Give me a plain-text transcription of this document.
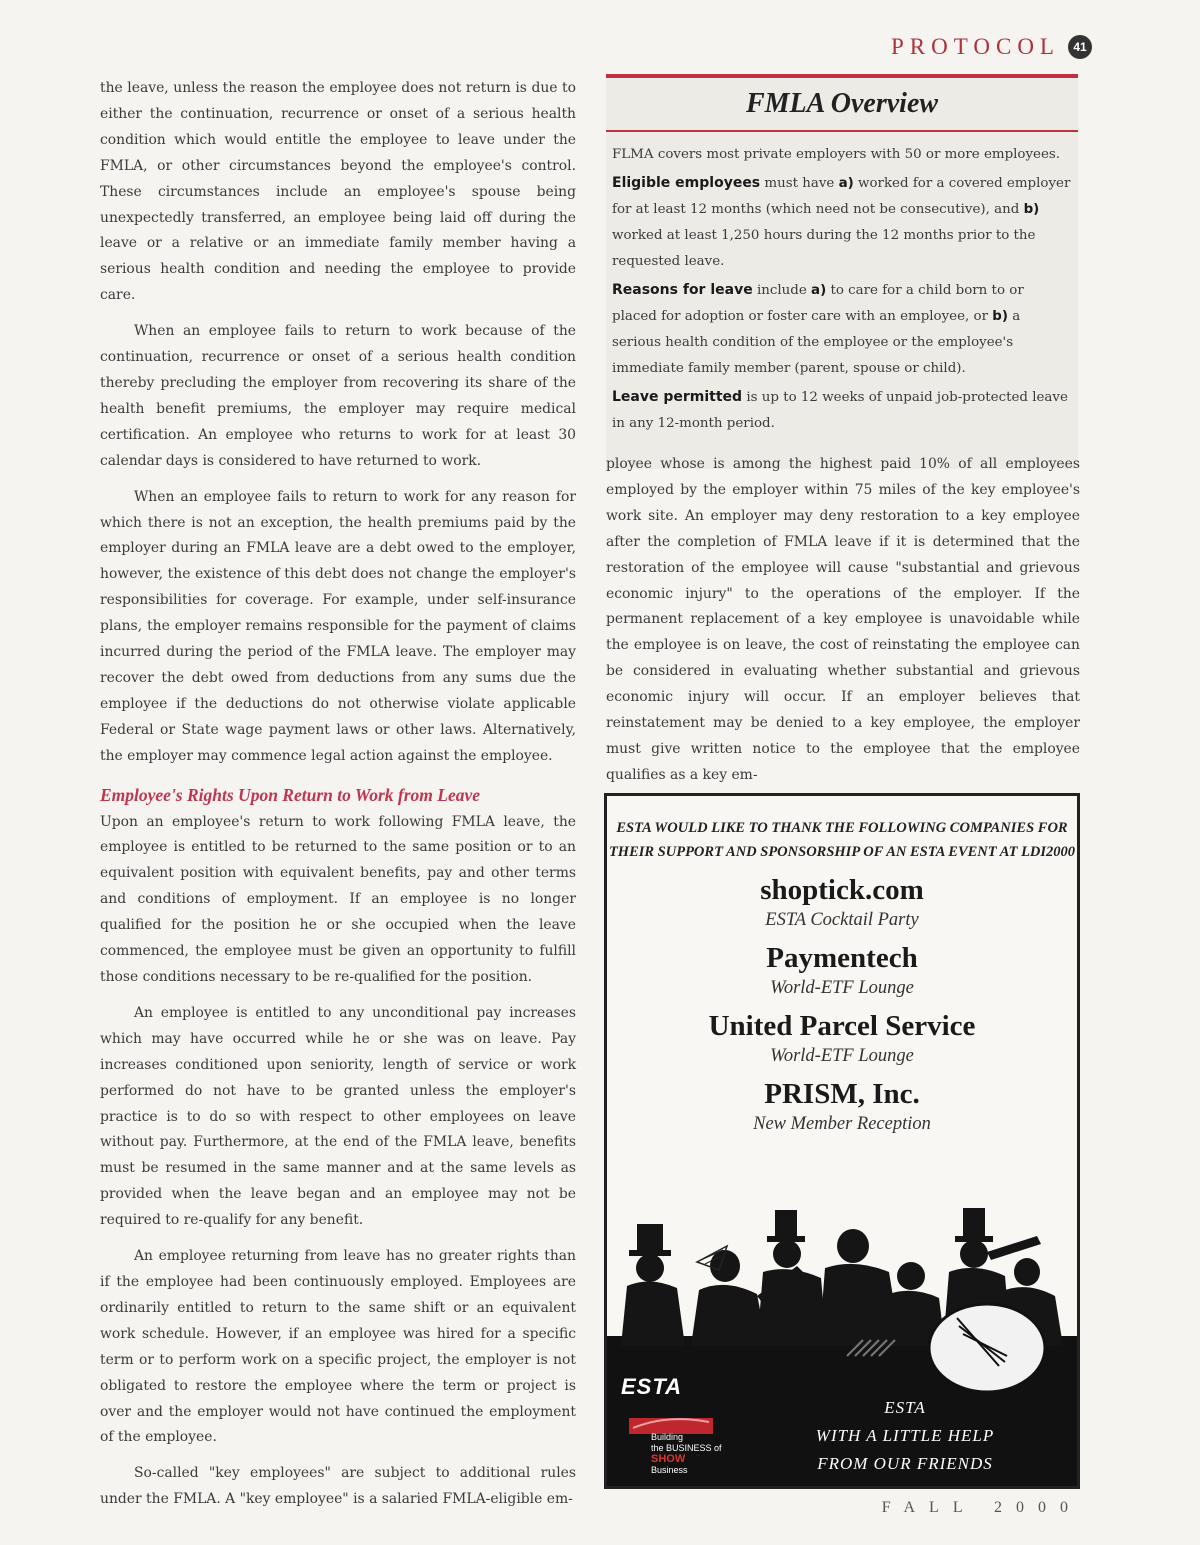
PROTOCOL	41

the leave, unless the reason the employee does not return is due to either the continuation, recurrence or onset of a serious health condition which would entitle the employee to leave under the FMLA, or other circumstances beyond the employee's control. These circumstances include an employee's spouse being unexpectedly transferred, an employee being laid off during the leave or a relative or an immediate family member having a serious health condition and needing the employee to provide care.

When an employee fails to return to work because of the continuation, recurrence or onset of a serious health condition thereby precluding the employer from recovering its share of the health benefit premiums, the employer may require medical certification. An employee who returns to work for at least 30 calendar days is considered to have returned to work.

When an employee fails to return to work for any reason for which there is not an exception, the health premiums paid by the employer during an FMLA leave are a debt owed to the employer, however, the existence of this debt does not change the employer's responsibilities for coverage. For example, under self-insurance plans, the employer remains responsible for the payment of claims incurred during the period of the FMLA leave. The employer may recover the debt owed from deductions from any sums due the employee if the deductions do not otherwise violate applicable Federal or State wage payment laws or other laws. Alternatively, the employer may commence legal action against the employee.

Employee's Rights Upon Return to Work from Leave

Upon an employee's return to work following FMLA leave, the employee is entitled to be returned to the same position or to an equivalent position with equivalent benefits, pay and other terms and conditions of employment. If an employee is no longer qualified for the position he or she occupied when the leave commenced, the employee must be given an opportunity to fulfill those conditions necessary to be re-qualified for the position.

An employee is entitled to any unconditional pay increases which may have occurred while he or she was on leave. Pay increases conditioned upon seniority, length of service or work performed do not have to be granted unless the employer's practice is to do so with respect to other employees on leave without pay. Furthermore, at the end of the FMLA leave, benefits must be resumed in the same manner and at the same levels as provided when the leave began and an employee may not be required to re-qualify for any benefit.

An employee returning from leave has no greater rights than if the employee had been continuously employed. Employees are ordinarily entitled to return to the same shift or an equivalent work schedule. However, if an employee was hired for a specific term or to perform work on a specific project, the employer is not obligated to restore the employee where the term or project is over and the employer would not have continued the employment of the employee.

So-called "key employees" are subject to additional rules under the FMLA. A "key employee" is a salaried FMLA-eligible em-

FMLA Overview

FLMA covers most private employers with 50 or more employees.

Eligible employees must have a) worked for a covered employer for at least 12 months (which need not be consecutive), and b) worked at least 1,250 hours during the 12 months prior to the requested leave.

Reasons for leave include a) to care for a child born to or placed for adoption or foster care with an employee, or b) a serious health condition of the employee or the employee's immediate family member (parent, spouse or child).

Leave permitted is up to 12 weeks of unpaid job-protected leave in any 12-month period.

ployee whose is among the highest paid 10% of all employees employed by the employer within 75 miles of the key employee's work site. An employer may deny restoration to a key employee after the completion of FMLA leave if it is determined that the restoration of the employee will cause "substantial and grievous economic injury" to the operations of the employer. If the permanent replacement of a key employee is unavoidable while the employee is on leave, the cost of reinstating the employee can be considered in evaluating whether substantial and grievous economic injury will occur. If an employer believes that reinstatement may be denied to a key employee, the employer must give written notice to the employee that the employee qualifies as a key em-

ESTA WOULD LIKE TO THANK THE FOLLOWING COMPANIES FOR THEIR SUPPORT AND SPONSORSHIP OF AN ESTA EVENT AT LDI2000
shoptick.com
ESTA Cocktail Party
Paymentech
World-ETF Lounge
United Parcel Service
World-ETF Lounge
PRISM, Inc.
New Member Reception
ESTA
Building
the BUSINESS of
SHOW
Business
ESTA
WITH A LITTLE HELP
FROM OUR FRIENDS
FALL 2000
